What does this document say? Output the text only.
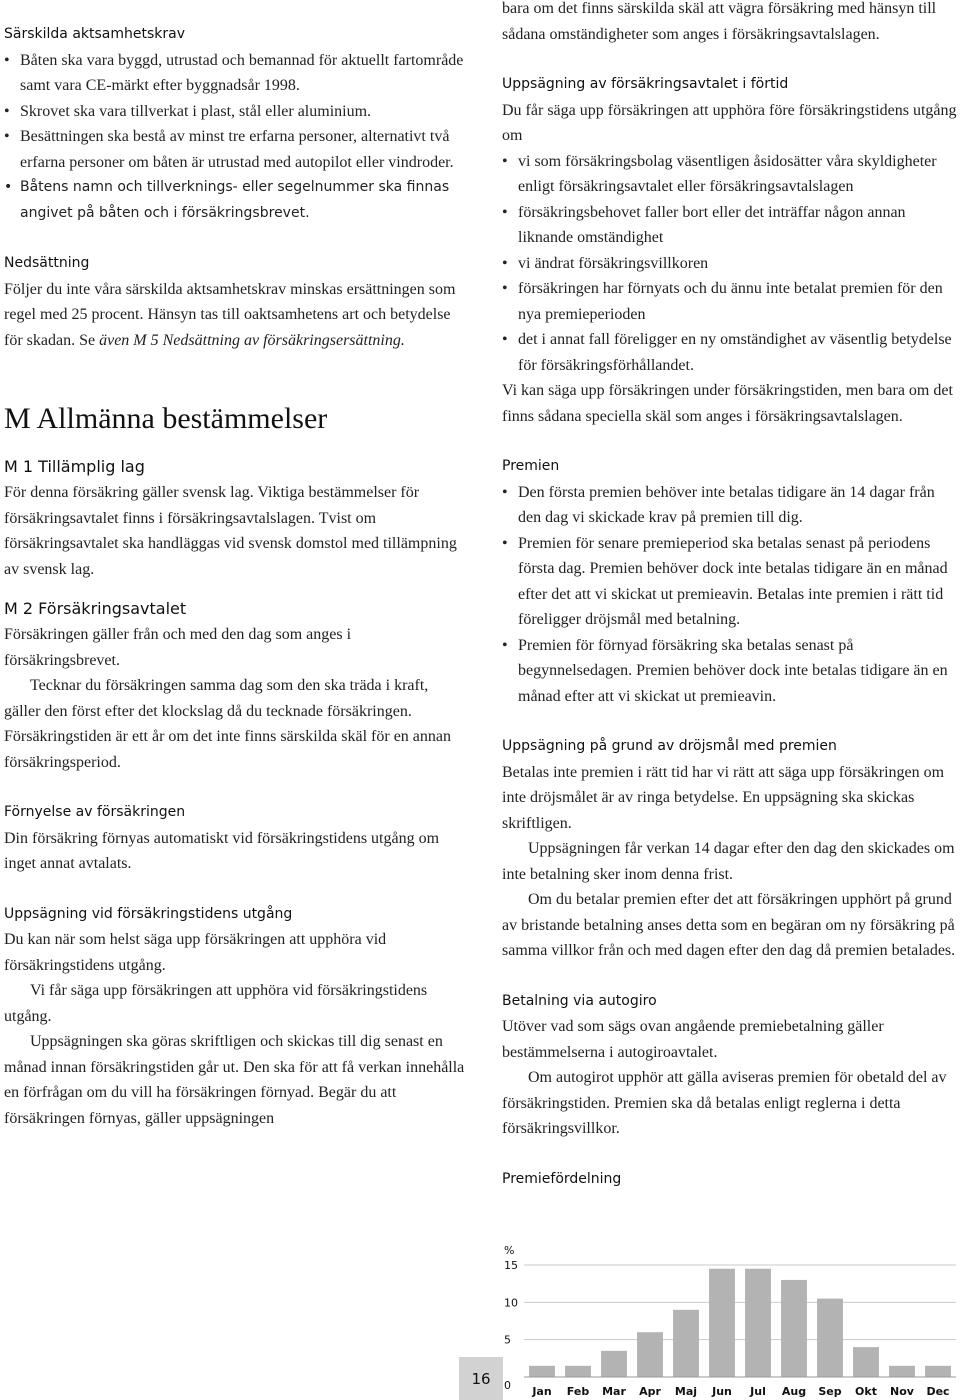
Särskilda aktsamhetskrav
• Båten ska vara byggd, utrustad och bemannad för aktuellt fartområde samt vara CE-märkt efter byggnadsår 1998.
• Skrovet ska vara tillverkat i plast, stål eller aluminium.
• Besättningen ska bestå av minst tre erfarna personer, alternativt två erfarna personer om båten är utrustad med autopilot eller vindroder.
• Båtens namn och tillverknings- eller segelnummer ska finnas angivet på båten och i försäkringsbrevet.
Nedsättning

Följer du inte våra särskilda aktsamhetskrav minskas ersättningen som regel med 25 procent. Hänsyn tas till oaktsamhetens art och betydelse för skadan. Se även M 5 Nedsättning av försäkringsersättning.

M Allmänna bestämmelser
M 1 Tillämplig lag

För denna försäkring gäller svensk lag. Viktiga bestämmelser för försäkringsavtalet finns i försäkringsavtalslagen. Tvist om försäkringsavtalet ska handläggas vid svensk domstol med tillämpning av svensk lag.

M 2 Försäkringsavtalet

Försäkringen gäller från och med den dag som anges i försäkringsbrevet.

Tecknar du försäkringen samma dag som den ska träda i kraft, gäller den först efter det klockslag då du tecknade försäkringen. Försäkringstiden är ett år om det inte finns särskilda skäl för en annan försäkringsperiod.

Förnyelse av försäkringen

Din försäkring förnyas automatiskt vid försäkringstidens utgång om inget annat avtalats.

Uppsägning vid försäkringstidens utgång

Du kan när som helst säga upp försäkringen att upphöra vid försäkringstidens utgång.

Vi får säga upp försäkringen att upphöra vid försäkringstidens utgång.

Uppsägningen ska göras skriftligen och skickas till dig senast en månad innan försäkringstiden går ut. Den ska för att få verkan innehålla en förfrågan om du vill ha försäkringen förnyad. Begär du att försäkringen förnyas, gäller uppsägningen

bara om det finns särskilda skäl att vägra försäkring med hänsyn till sådana omständigheter som anges i försäkringsavtalslagen.

Uppsägning av försäkringsavtalet i förtid

Du får säga upp försäkringen att upphöra före försäkringstidens utgång om

• vi som försäkringsbolag väsentligen åsidosätter våra skyldigheter enligt försäkringsavtalet eller försäkringsavtalslagen
• försäkringsbehovet faller bort eller det inträffar någon annan liknande omständighet
• vi ändrat försäkringsvillkoren
• försäkringen har förnyats och du ännu inte betalat premien för den nya premieperioden
• det i annat fall föreligger en ny omständighet av väsentlig betydelse för försäkringsförhållandet.

Vi kan säga upp försäkringen under försäkringstiden, men bara om det finns sådana speciella skäl som anges i försäkringsavtalslagen.

Premien
• Den första premien behöver inte betalas tidigare än 14 dagar från den dag vi skickade krav på premien till dig.
• Premien för senare premieperiod ska betalas senast på periodens första dag. Premien behöver dock inte betalas tidigare än en månad efter det att vi skickat ut premieavin. Betalas inte premien i rätt tid föreligger dröjsmål med betalning.
• Premien för förnyad försäkring ska betalas senast på begynnelsedagen. Premien behöver dock inte betalas tidigare än en månad efter att vi skickat ut premieavin.
Uppsägning på grund av dröjsmål med premien

Betalas inte premien i rätt tid har vi rätt att säga upp försäkringen om inte dröjsmålet är av ringa betydelse. En uppsägning ska skickas skriftligen.

Uppsägningen får verkan 14 dagar efter den dag den skickades om inte betalning sker inom denna frist.

Om du betalar premien efter det att försäkringen upphört på grund av bristande betalning anses detta som en begäran om ny försäkring på samma villkor från och med dagen efter den dag då premien betalades.

Betalning via autogiro

Utöver vad som sägs ovan angående premiebetalning gäller bestämmelserna i autogiroavtalet.

Om autogirot upphör att gälla aviseras premien för obetald del av försäkringstiden. Premien ska då betalas enligt reglerna i detta försäkringsvillkor.

Premiefördelning
%
0
5
10
15
Jan Feb Mar Apr Maj Jun Jul Aug Sep Okt Nov Dec
16
